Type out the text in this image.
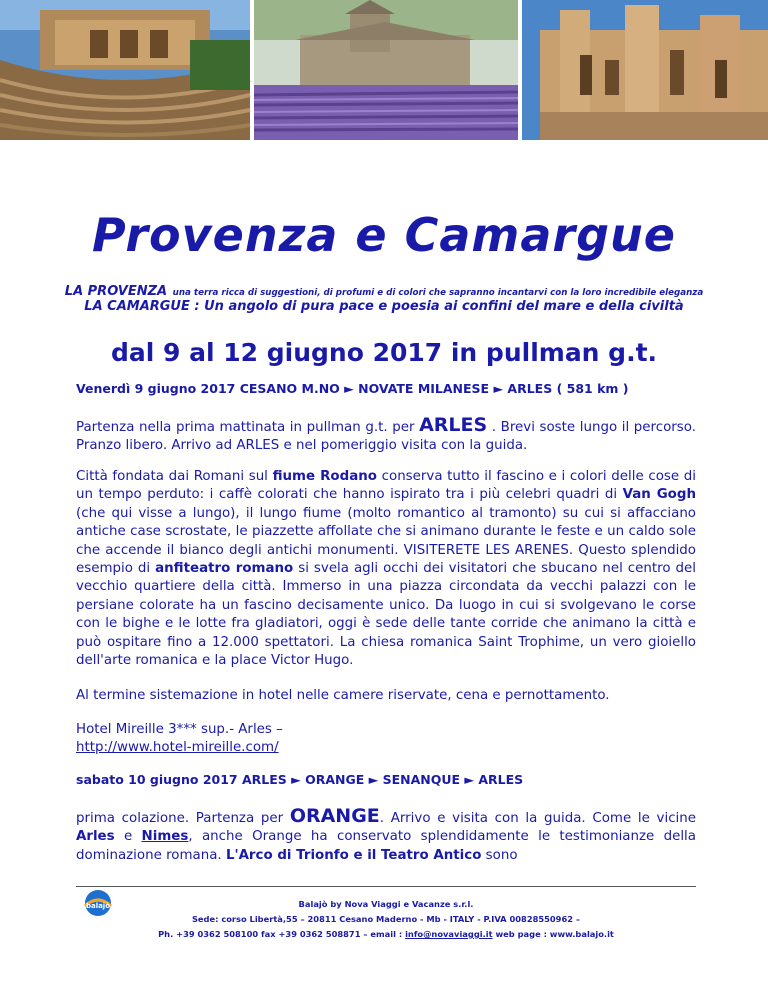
Provenza e Camargue
LA PROVENZA una terra ricca di suggestioni, di profumi e di colori che sapranno incantarvi con la loro incredibile eleganza
LA CAMARGUE : Un angolo di pura pace e poesia ai confini del mare e della civiltà
dal 9 al 12 giugno 2017 in pullman g.t.
Venerdì 9 giugno 2017 CESANO M.NO ► NOVATE MILANESE ► ARLES ( 581 km )

Partenza nella prima mattinata in pullman g.t. per ARLES . Brevi soste lungo il percorso. Pranzo libero. Arrivo ad ARLES e nel pomeriggio visita con la guida.

Città fondata dai Romani sul fiume Rodano conserva tutto il fascino e i colori delle cose di un tempo perduto: i caffè colorati che hanno ispirato tra i più celebri quadri di Van Gogh (che qui visse a lungo), il lungo fiume (molto romantico al tramonto) su cui si affacciano antiche case scrostate, le piazzette affollate che si animano durante le feste e un caldo sole che accende il bianco degli antichi monumenti. VISITERETE LES ARENES. Questo splendido esempio di anfiteatro romano si svela agli occhi dei visitatori che sbucano nel centro del vecchio quartiere della città. Immerso in una piazza circondata da vecchi palazzi con le persiane colorate ha un fascino decisamente unico. Da luogo in cui si svolgevano le corse con le bighe e le lotte fra gladiatori, oggi è sede delle tante corride che animano la città e può ospitare fino a 12.000 spettatori. La chiesa romanica Saint Trophime, un vero gioiello dell'arte romanica e la place Victor Hugo.

Al termine sistemazione in hotel nelle camere riservate, cena e pernottamento.

Hotel Mireille 3*** sup.- Arles –
http://www.hotel-mireille.com/
sabato 10 giugno 2017 ARLES ► ORANGE ► SENANQUE ► ARLES

prima colazione. Partenza per ORANGE. Arrivo e visita con la guida. Come le vicine Arles e Nimes, anche Orange ha conservato splendidamente le testimonianze della dominazione romana. L'Arco di Trionfo e il Teatro Antico sono

balajò	Balajò by Nova Viaggi e Vacanze s.r.l.
Sede: corso Libertà,55 – 20811 Cesano Maderno - Mb - ITALY - P.IVA 00828550962 –
Ph. +39 0362 508100 fax +39 0362 508871 – email : info@novaviaggi.it web page : www.balajo.it
